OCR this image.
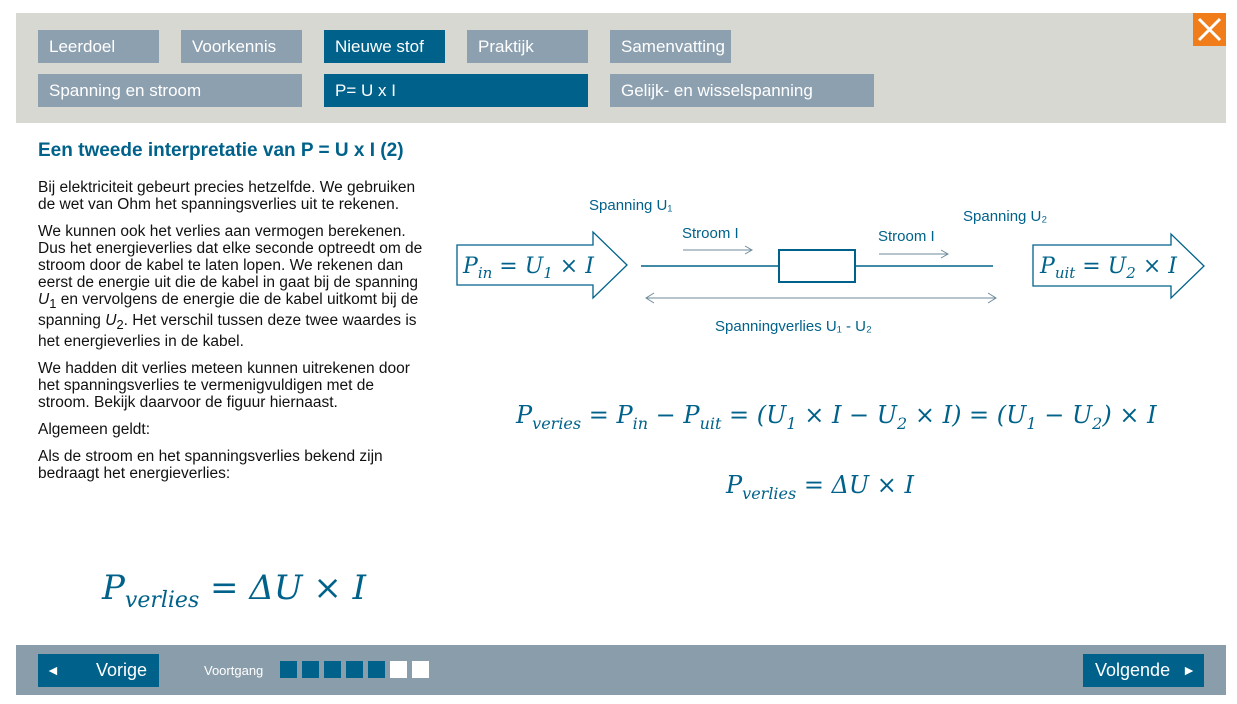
Leerdoel	Voorkennis	Nieuwe stof	Praktijk	Samenvatting
Spanning en stroom	P= U x I	Gelijk- en wisselspanning
Een tweede interpretatie van P = U x I (2)

Bij elektriciteit gebeurt precies hetzelfde. We gebruiken de wet van Ohm het spanningsverlies uit te rekenen.

We kunnen ook het verlies aan vermogen berekenen. Dus het energieverlies dat elke seconde optreedt om de stroom door de kabel te laten lopen. We rekenen dan eerst de energie uit die de kabel in gaat bij de spanning $U_1$ en vervolgens de energie die de kabel uitkomt bij de spanning $U_2$. Het verschil tussen deze twee waardes is het energieverlies in de kabel.

We hadden dit verlies meteen kunnen uitrekenen door het spanningsverlies te vermenigvuldigen met de stroom. Bekijk daarvoor de figuur hiernaast.

Algemeen geldt:

Als de stroom en het spanningsverlies bekend zijn bedraagt het energieverlies:

$P_{verlies} = \Delta U \times I$
Spanning U₁
Spanning U₂
Stroom I	Stroom I
Spanningverlies U₁ - U₂
$P_{in} = U_1 \times I$	$P_{uit} = U_2 \times I$
$P_{veries} = P_{in} - P_{uit} = (U_1 \times I - U_2 \times I) = (U_1 - U_2) \times I$
$P_{verlies} = \Delta U \times I$
◄ Vorige	Voortgang	Volgende ►
